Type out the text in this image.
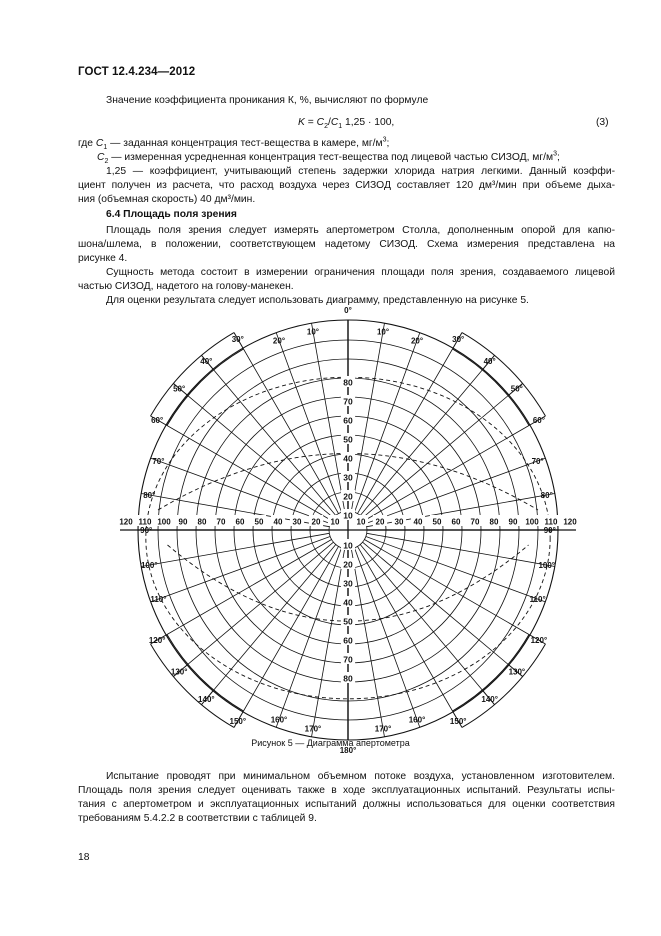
ГОСТ 12.4.234—2012
Значение коэффициента проникания К, %, вычисляют по формуле
$K = C_2/C_1$ 1,25 · 100,	(3)
где $C_1$ — заданная концентрация тест-вещества в камере, $мг/м^3$;
$C_2$ — измеренная усредненная концентрация тест-вещества под лицевой частью СИЗОД, $мг/м^3$;
1,25 — коэффициент, учитывающий степень задержки хлорида натрия легкими. Данный коэффи-
циент получен из расчета, что расход воздуха через СИЗОД составляет 120 дм³/мин при объеме дыха-
ния (объемная скорость) 40 дм³/мин.
6.4 Площадь поля зрения
Площадь поля зрения следует измерять апертометром Столла, дополненным опорой для капю-
шона/шлема, в положении, соответствующем надетому СИЗОД. Схема измерения представлена на
рисунке 4.
Сущность метода состоит в измерении ограничения площади поля зрения, создаваемого лицевой
частью СИЗОД, надетого на голову-манекен.
Для оценки результата следует использовать диаграмму, представленную на рисунке 5.
10
10
20
20
30
30
40
40
50
50
60
60
70
70
80
80
10 10
20	20
30	30
40	40
50	50
60	60
70	70
80	80
90	90
100	100
110	110
120	120
0°
10°
10°
20°
20°	30°
30°
40°
40°
50°
50°
60°
60°
70°
70°
80°
80°
90°
90°
100°
100°
110°
110°
120°
120°
130°
130°
140°
140°
150°
150°	160°
160°
170°
170°
180°
Рисунок 5 — Диаграмма апертометра
Испытание проводят при минимальном объемном потоке воздуха, установленном изготовителем.
Площадь поля зрения следует оценивать также в ходе эксплуатационных испытаний. Результаты испы-
тания с апертометром и эксплуатационных испытаний должны использоваться для оценки соответствия
требованиям 5.4.2.2 в соответствии с таблицей 9.
18
